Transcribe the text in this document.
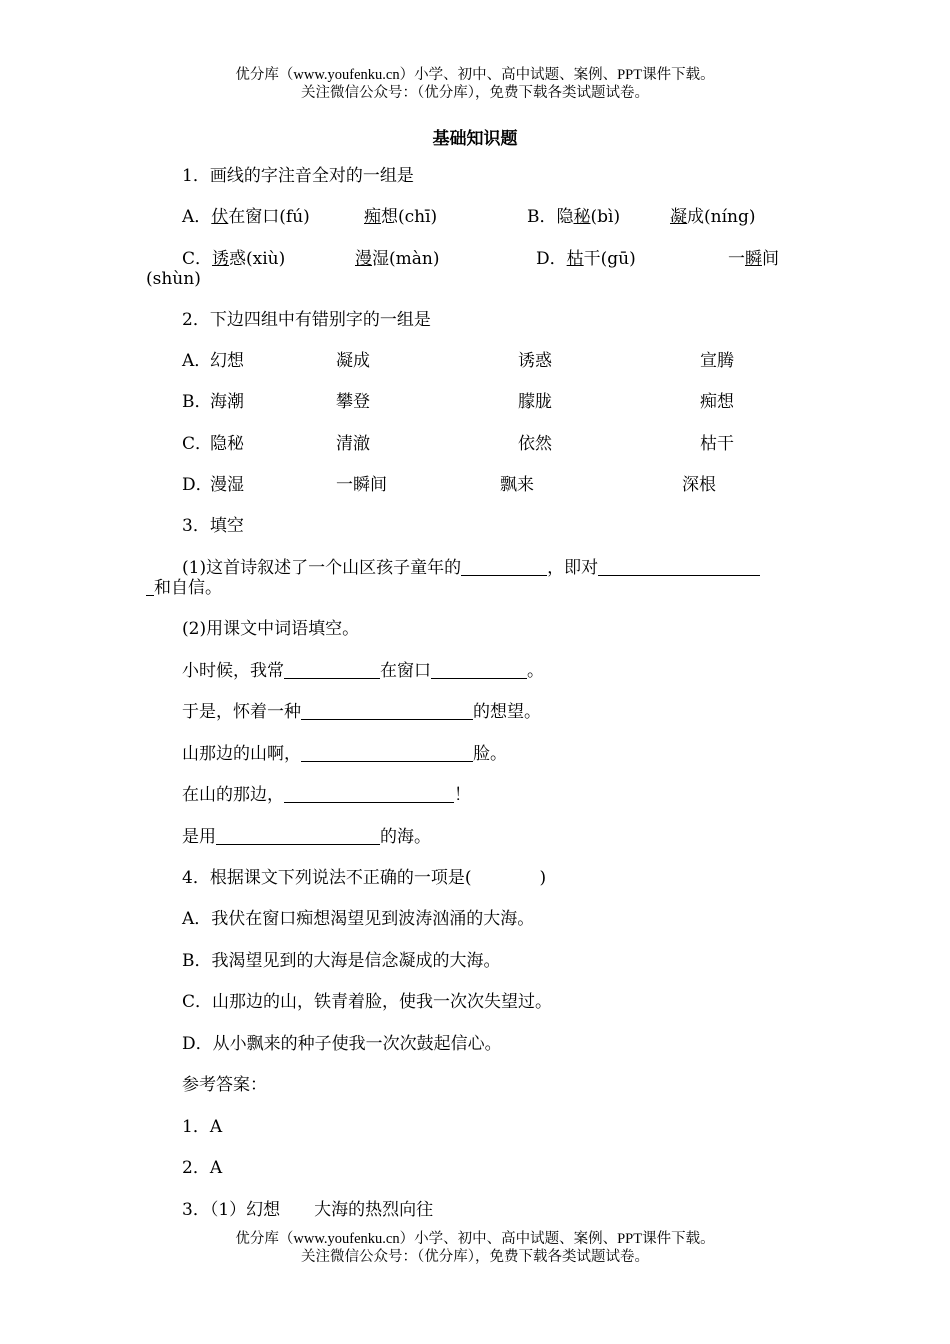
优分库（www.youfenku.cn）小学、初中、高中试题、案例、PPT课件下载。
关注微信公众号：（优分库），免费下载各类试题试卷。
基础知识题
1．画线的字注音全对的一组是
A．伏在窗口(fú)	痴想(chī)	B．隐秘(bì)	凝成(níng)
C．诱惑(xiù)	漫湿(màn)	D．枯干(gū)	一瞬间
(shùn)
2．下边四组中有错别字的一组是
A．
幻想	凝成	诱惑	宣腾
B．
海潮	攀登	朦胧	痴想
C．
隐秘	清澈	依然	枯干
D．
漫湿	一瞬间	飘来	深根
3．填空
(1)这首诗叙述了一个山区孩子童年的	，即对
和自信。
(2)用课文中词语填空。
小时候，我常	在窗口	。
于是，怀着一种	的想望。
山那边的山啊，	脸。
在山的那边，	！
是用	的海。
4．根据课文下列说法不正确的一项是(　　　　)
A．我伏在窗口痴想渴望见到波涛汹涌的大海。
B．我渴望见到的大海是信念凝成的大海。
C．山那边的山，铁青着脸，使我一次次失望过。
D．从小飘来的种子使我一次次鼓起信心。
参考答案：
1．A
2．A
3．（1）幻想　　大海的热烈向往
优分库（www.youfenku.cn）小学、初中、高中试题、案例、PPT课件下载。
关注微信公众号：（优分库），免费下载各类试题试卷。
